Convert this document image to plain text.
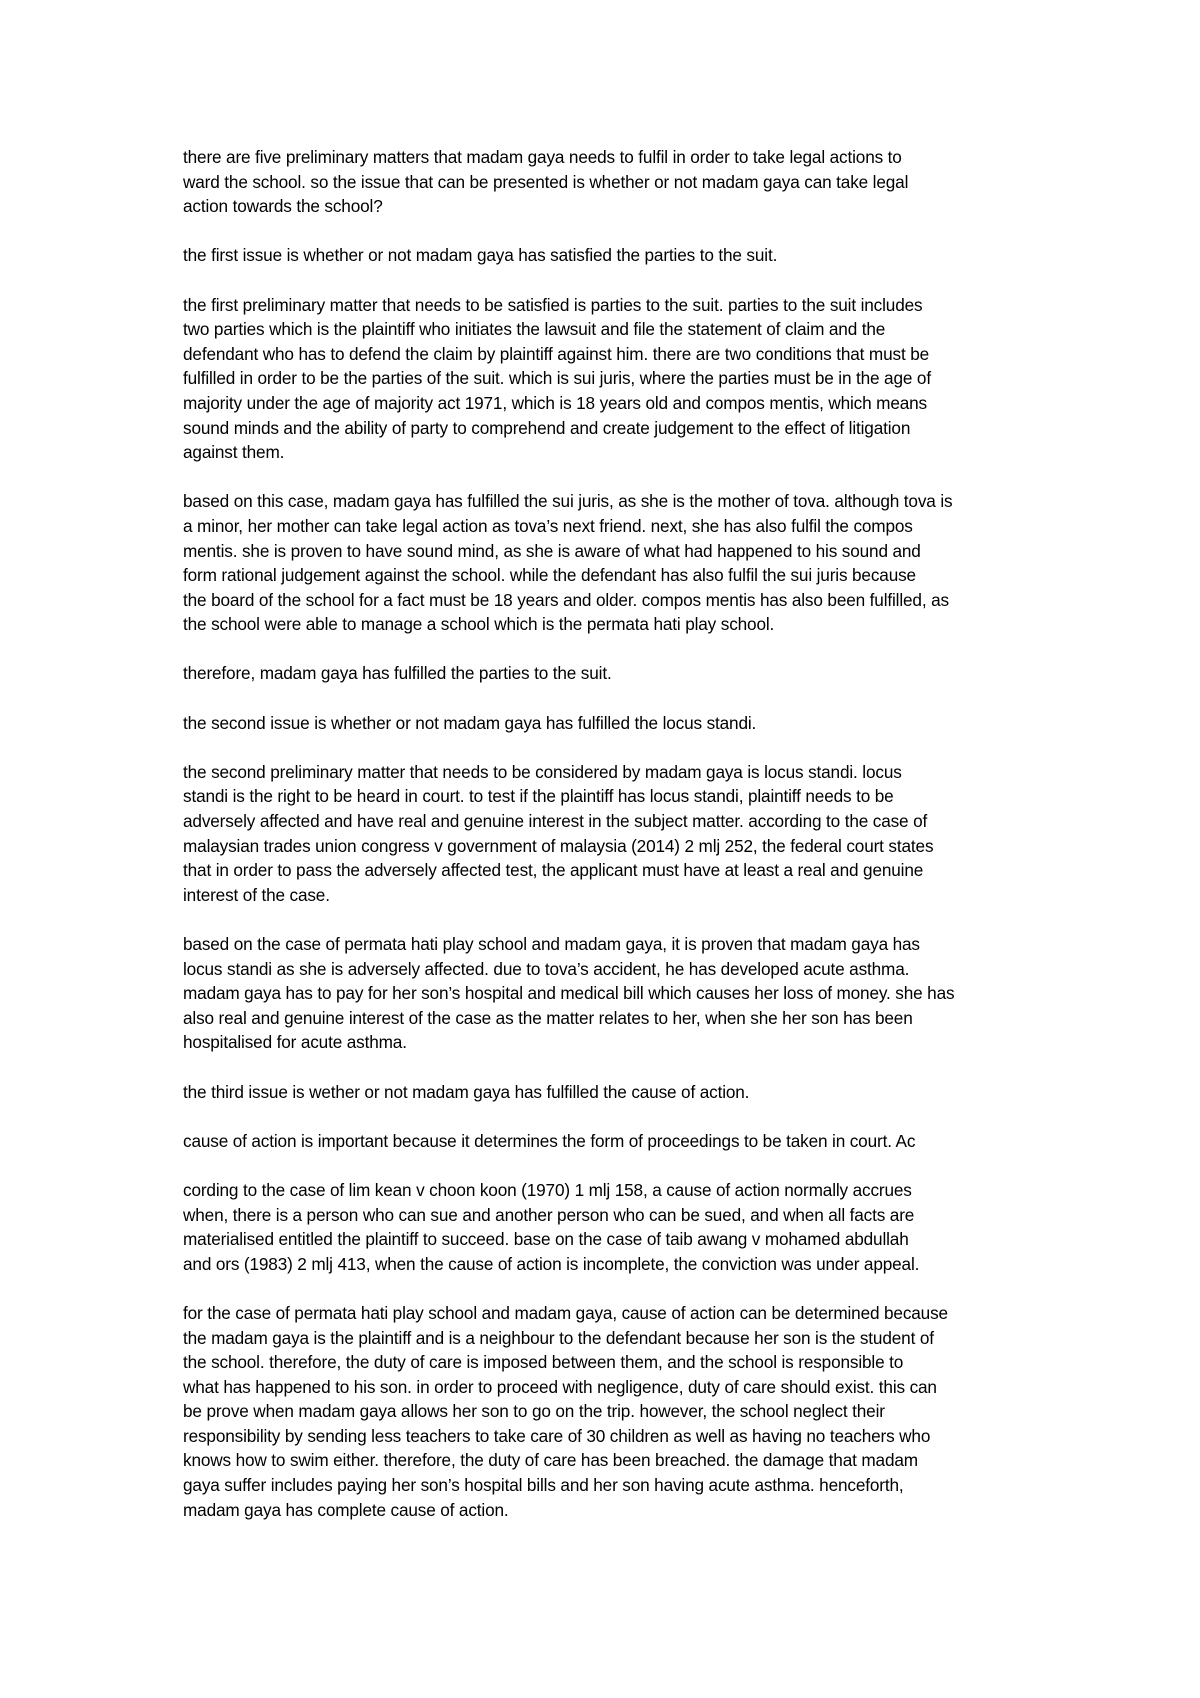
there are five preliminary matters that madam gaya needs to fulfil in order to take legal actions to
ward the school. so the issue that can be presented is whether or not madam gaya can take legal
action towards the school?

the first issue is whether or not madam gaya has satisfied the parties to the suit.

the first preliminary matter that needs to be satisfied is parties to the suit. parties to the suit includes
two parties which is the plaintiff who initiates the lawsuit and file the statement of claim and the
defendant who has to defend the claim by plaintiff against him. there are two conditions that must be
fulfilled in order to be the parties of the suit. which is sui juris, where the parties must be in the age of
majority under the age of majority act 1971, which is 18 years old and compos mentis, which means
sound minds and the ability of party to comprehend and create judgement to the effect of litigation
against them.

based on this case, madam gaya has fulfilled the sui juris, as she is the mother of tova. although tova is
a minor, her mother can take legal action as tova’s next friend. next, she has also fulfil the compos
mentis. she is proven to have sound mind, as she is aware of what had happened to his sound and
form rational judgement against the school. while the defendant has also fulfil the sui juris because
the board of the school for a fact must be 18 years and older. compos mentis has also been fulfilled, as
the school were able to manage a school which is the permata hati play school.

therefore, madam gaya has fulfilled the parties to the suit.

the second issue is whether or not madam gaya has fulfilled the locus standi.

the second preliminary matter that needs to be considered by madam gaya is locus standi. locus
standi is the right to be heard in court. to test if the plaintiff has locus standi, plaintiff needs to be
adversely affected and have real and genuine interest in the subject matter. according to the case of
malaysian trades union congress v government of malaysia (2014) 2 mlj 252, the federal court states
that in order to pass the adversely affected test, the applicant must have at least a real and genuine
interest of the case.

based on the case of permata hati play school and madam gaya, it is proven that madam gaya has
locus standi as she is adversely affected. due to tova’s accident, he has developed acute asthma.
madam gaya has to pay for her son’s hospital and medical bill which causes her loss of money. she has
also real and genuine interest of the case as the matter relates to her, when she her son has been
hospitalised for acute asthma.

the third issue is wether or not madam gaya has fulfilled the cause of action.

cause of action is important because it determines the form of proceedings to be taken in court. Ac

cording to the case of lim kean v choon koon (1970) 1 mlj 158, a cause of action normally accrues
when, there is a person who can sue and another person who can be sued, and when all facts are
materialised entitled the plaintiff to succeed. base on the case of taib awang v mohamed abdullah
and ors (1983) 2 mlj 413, when the cause of action is incomplete, the conviction was under appeal.

for the case of permata hati play school and madam gaya, cause of action can be determined because
the madam gaya is the plaintiff and is a neighbour to the defendant because her son is the student of
the school. therefore, the duty of care is imposed between them, and the school is responsible to
what has happened to his son. in order to proceed with negligence, duty of care should exist. this can
be prove when madam gaya allows her son to go on the trip. however, the school neglect their
responsibility by sending less teachers to take care of 30 children as well as having no teachers who
knows how to swim either. therefore, the duty of care has been breached. the damage that madam
gaya suffer includes paying her son’s hospital bills and her son having acute asthma. henceforth,
madam gaya has complete cause of action.
